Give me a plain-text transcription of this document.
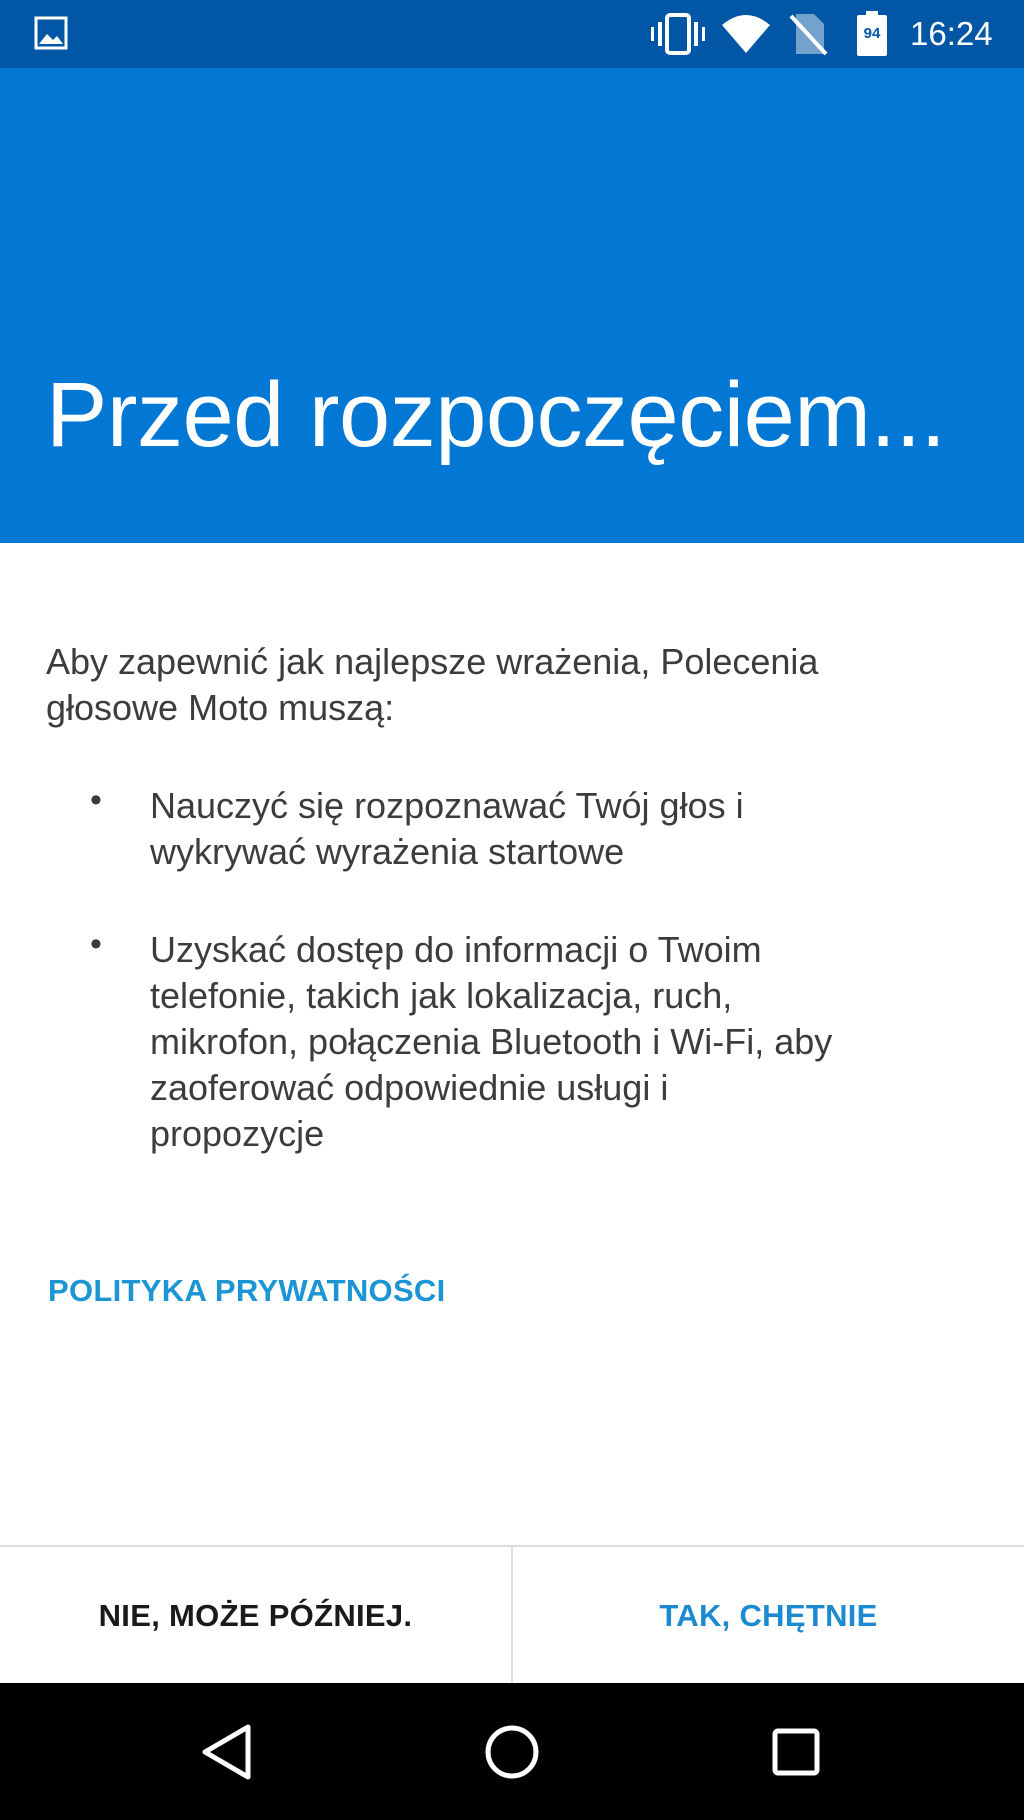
94 16:24
Przed rozpoczęciem...
Aby zapewnić jak najlepsze wrażenia, Polecenia głosowe Moto muszą:
• Nauczyć się rozpoznawać Twój głos i wykrywać wyrażenia startowe
• Uzyskać dostęp do informacji o Twoim telefonie, takich jak lokalizacja, ruch, mikrofon, połączenia Bluetooth i Wi-Fi, aby zaoferować odpowiednie usługi i propozycje
POLITYKA PRYWATNOŚCI
NIE, MOŻE PÓŹNIEJ.	TAK, CHĘTNIE
